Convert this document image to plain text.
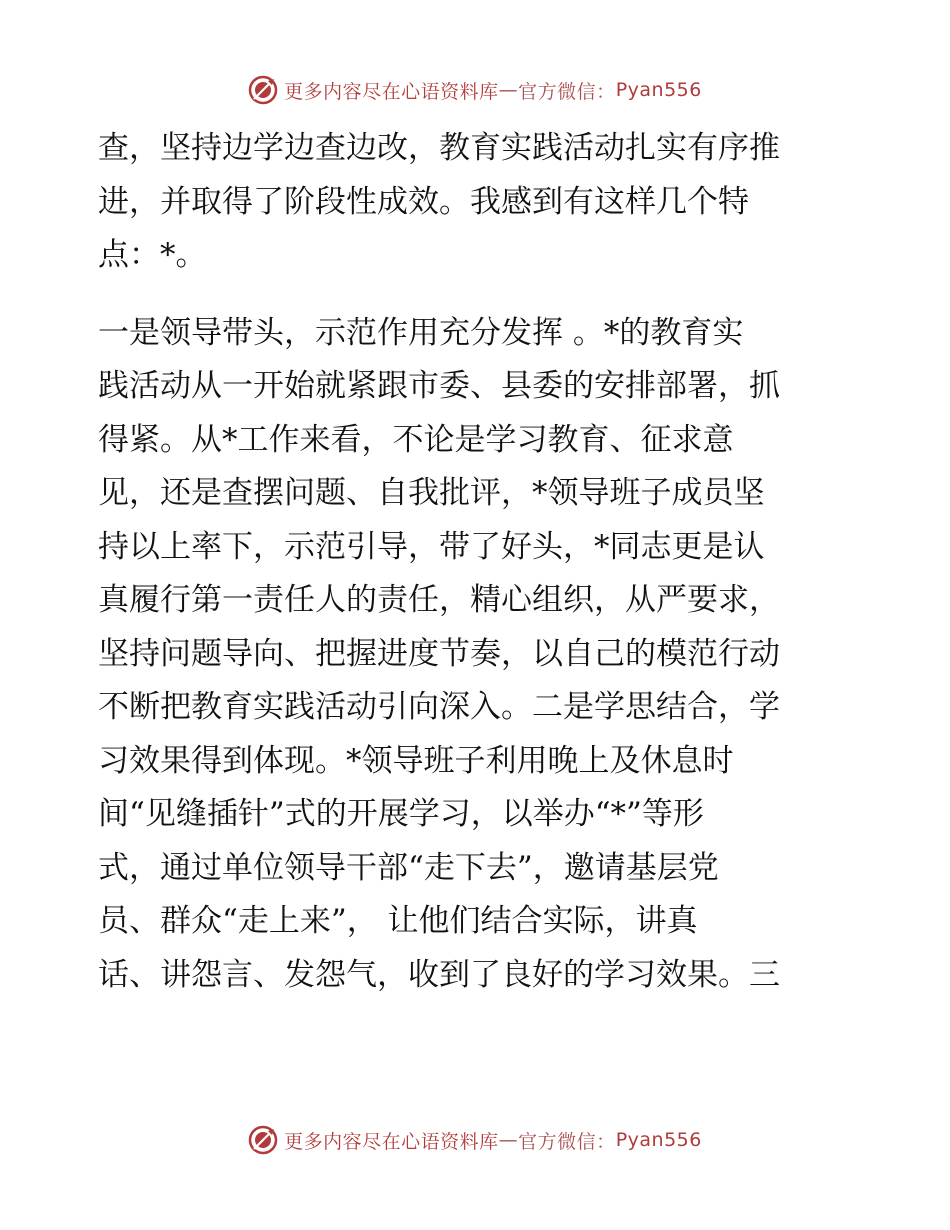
更多内容尽在心语资料库 — 官方微信： Pyan556
查，坚持边学边查边改，教育实践活动扎实有序推
进，并取得了阶段性成效。我感到有这样几个特
点：*。
一是领导带头，示范作用充分发挥 。*的教育实
践活动从一开始就紧跟市委、县委的安排部署，抓
得紧。从*工作来看，不论是学习教育、征求意
见，还是查摆问题、自我批评，*领导班子成员坚
持以上率下，示范引导，带了好头，*同志更是认
真履行第一责任人的责任，精心组织，从严要求，
坚持问题导向、把握进度节奏，以自己的模范行动
不断把教育实践活动引向深入。二是学思结合，学
习效果得到体现。*领导班子利用晚上及休息时
间“见缝插针”式的开展学习，以举办“*”等形
式，通过单位领导干部“走下去”，邀请基层党
员、群众“走上来”， 让他们结合实际，讲真
话、讲怨言、发怨气，收到了良好的学习效果。三
更多内容尽在心语资料库 — 官方微信： Pyan556
